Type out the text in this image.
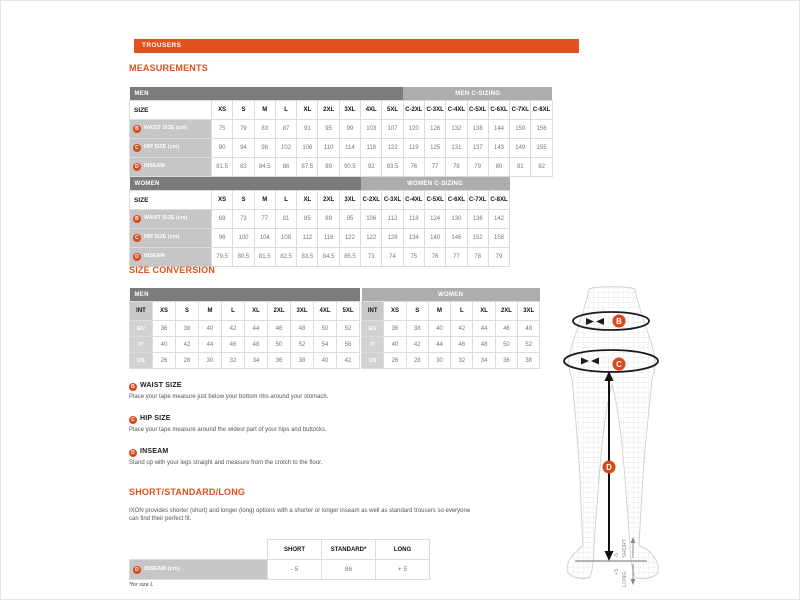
TROUSERS
MEASUREMENTS
MEN										MEN C-SIZING						
SIZE	XS	S	M	L	XL	2XL	3XL	4XL	5XL	C-2XL	C-3XL	C-4XL	C-5XL	C-6XL	C-7XL	C-8XL
B WAIST SIZE (cm)	75	79	83	87	91	95	99	103	107	120	126	132	138	144	150	156
C HIP SIZE (cm)	90	94	98	102	106	110	114	118	122	119	125	131	137	143	149	155
D INSEAM	81.5	83	84.5	86	87.5	89	90.5	92	93.5	76	77	78	79	80	81	82
WOMEN								WOMEN C-SIZING						
SIZE	XS	S	M	L	XL	2XL	3XL	C-2XL	C-3XL	C-4XL	C-5XL	C-6XL	C-7XL	C-8XL
B WAIST SIZE (cm)	69	73	77	81	85	89	95	106	112	118	124	130	136	142
C HIP SIZE (cm)	96	100	104	108	112	116	122	122	128	134	140	146	152	158
D INSEAM	79.5	80.5	81.5	82.5	83.5	84.5	85.5	73	74	75	76	77	78	79
SIZE CONVERSION
MEN									
INT	XS	S	M	L	XL	2XL	3XL	4XL	5XL
EU	36	38	40	42	44	46	48	50	52
IT	40	42	44	46	48	50	52	54	56
US	26	28	30	32	34	36	38	40	42
WOMEN							
INT	XS	S	M	L	XL	2XL	3XL
EU	36	38	40	42	44	46	48
IT	40	42	44	46	48	50	52
US	26	28	30	32	34	36	38
B WAIST SIZE

Place your tape measure just below your bottom ribs around your stomach.

C HIP SIZE

Place your tape measure around the widest part of your hips and buttocks.

D INSEAM

Stand up with your legs straight and measure from the crotch to the floor.

SHORT/STANDARD/LONG

IXON provides shorter (short) and longer (long) options with a shorter or longer inseam as well as standard trousers so everyone can find their perfect fit.

	SHORT	STANDARD*	LONG
D INSEAM (cm)	- 5	86	+ 5
*for size L
B
C
D
-5 SHORT
+5 LONG
